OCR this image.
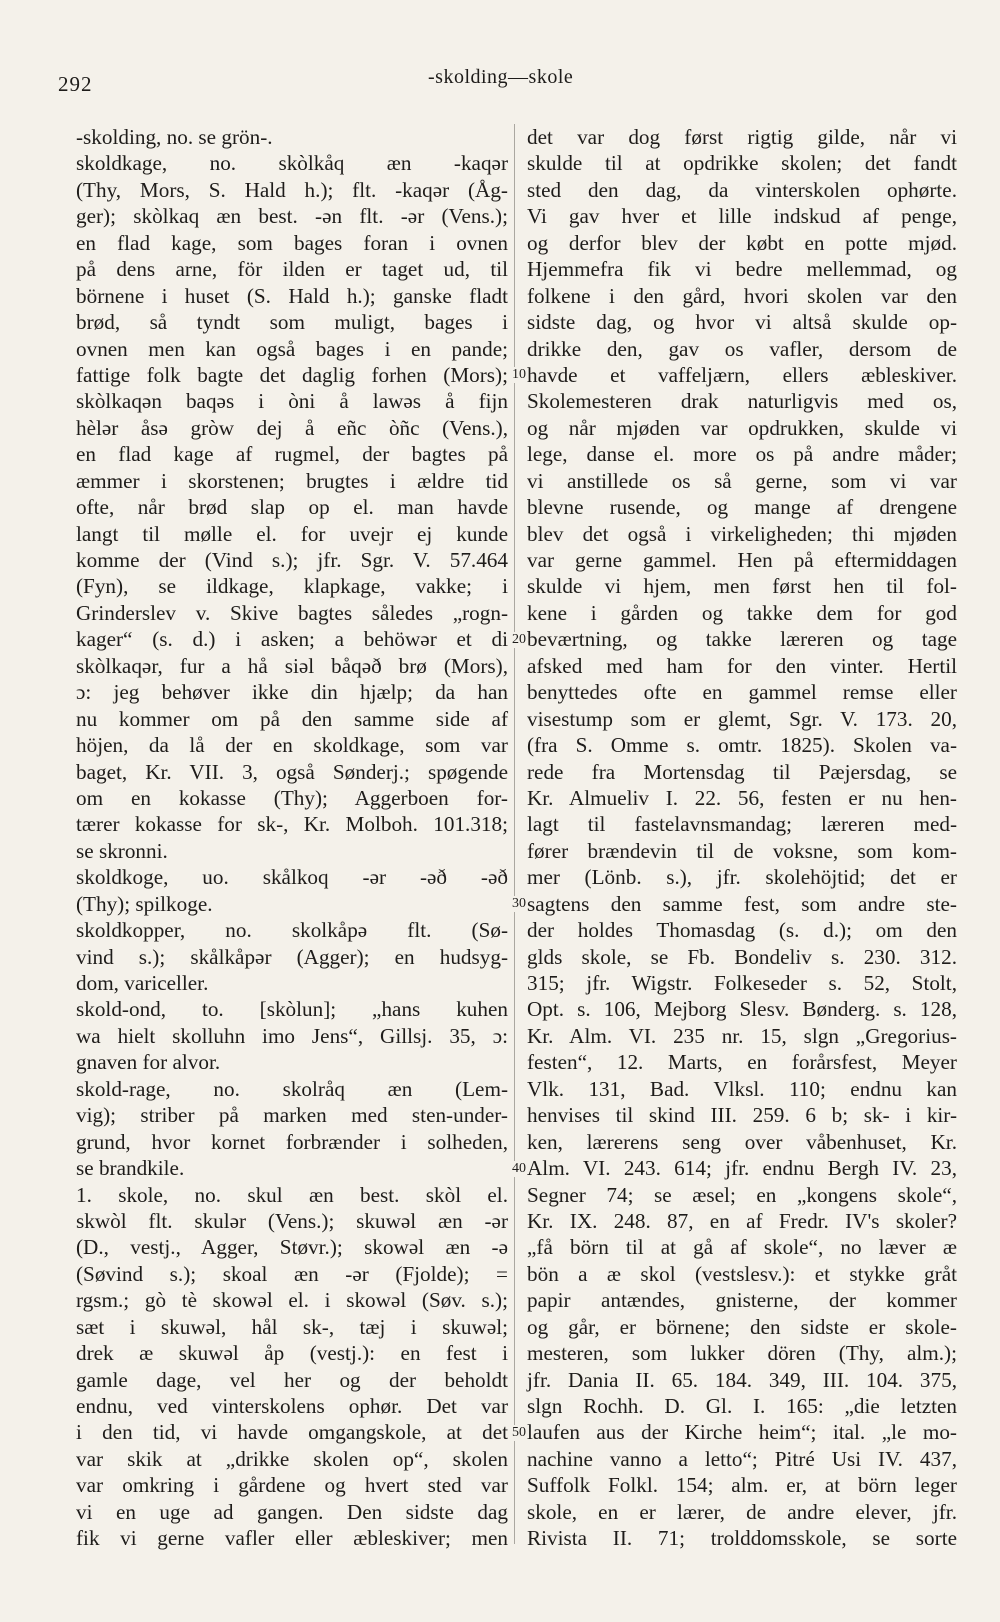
292	-skolding—skole
-skolding, no. se grön-.
skoldkage, no. skòlkåq æn -kaqər
(Thy, Mors, S. Hald h.); flt. -kaqər (Åg-
ger); skòlkaq æn best. -ən flt. -ər (Vens.);
en flad kage, som bages foran i ovnen
på dens arne, för ilden er taget ud, til
börnene i huset (S. Hald h.); ganske fladt
brød, så tyndt som muligt, bages i
ovnen men kan også bages i en pande;
fattige folk bagte det daglig forhen (Mors);
skòlkaqən baqəs i òni å lawəs å fijn
hèlər åsə gròw dej å eñc òñc (Vens.),
en flad kage af rugmel, der bagtes på
æmmer i skorstenen; brugtes i ældre tid
ofte, når brød slap op el. man havde
langt til mølle el. for uvejr ej kunde
komme der (Vind s.); jfr. Sgr. V. 57.464
(Fyn), se ildkage, klapkage, vakke; i
Grinderslev v. Skive bagtes således „rogn-
kager“ (s. d.) i asken; a behöwər et di
skòlkaqər, fur a hå siəl båqəð brø (Mors),
ɔ: jeg behøver ikke din hjælp; da han
nu kommer om på den samme side af
höjen, da lå der en skoldkage, som var
baget, Kr. VII. 3, også Sønderj.; spøgende
om en kokasse (Thy); Aggerboen for-
tærer kokasse for sk-, Kr. Molboh. 101.318;
se skronni.
skoldkoge, uo. skålkoq -ər -əð -əð
(Thy); spilkoge.
skoldkopper, no. skolkåpə flt. (Sø-
vind s.); skålkåpər (Agger); en hudsyg-
dom, variceller.
skold-ond, to. [skòlun]; „hans kuhen
wa hielt skolluhn imo Jens“, Gillsj. 35, ɔ:
gnaven for alvor.
skold-rage, no. skolråq æn (Lem-
vig); striber på marken med sten-under-
grund, hvor kornet forbrænder i solheden,
se brandkile.
1. skole, no. skul æn best. skòl el.
skwòl flt. skulər (Vens.); skuwəl æn -ər
(D., vestj., Agger, Støvr.); skowəl æn -ə
(Søvind s.); skoal æn -ər (Fjolde); =
rgsm.; gò tè skowəl el. i skowəl (Søv. s.);
sæt i skuwəl, hål sk-, tæj i skuwəl;
drek æ skuwəl åp (vestj.): en fest i
gamle dage, vel her og der beholdt
endnu, ved vinterskolens ophør. Det var
i den tid, vi havde omgangskole, at det
var skik at „drikke skolen op“, skolen
var omkring i gårdene og hvert sted var
vi en uge ad gangen. Den sidste dag
fik vi gerne vafler eller æbleskiver; men
det var dog først rigtig gilde, når vi
skulde til at opdrikke skolen; det fandt
sted den dag, da vinterskolen ophørte.
Vi gav hver et lille indskud af penge,
og derfor blev der købt en potte mjød.
Hjemmefra fik vi bedre mellemmad, og
folkene i den gård, hvori skolen var den
sidste dag, og hvor vi altså skulde op-
drikke den, gav os vafler, dersom de
havde et vaffeljærn, ellers æbleskiver.
Skolemesteren drak naturligvis med os,
og når mjøden var opdrukken, skulde vi
lege, danse el. more os på andre måder;
vi anstillede os så gerne, som vi var
blevne rusende, og mange af drengene
blev det også i virkeligheden; thi mjøden
var gerne gammel. Hen på eftermiddagen
skulde vi hjem, men først hen til fol-
kene i gården og takke dem for god
beværtning, og takke læreren og tage
afsked med ham for den vinter. Hertil
benyttedes ofte en gammel remse eller
visestump som er glemt, Sgr. V. 173. 20,
(fra S. Omme s. omtr. 1825). Skolen va-
rede fra Mortensdag til Pæjersdag, se
Kr. Almueliv I. 22. 56, festen er nu hen-
lagt til fastelavnsmandag; læreren med-
fører brændevin til de voksne, som kom-
mer (Lönb. s.), jfr. skolehöjtid; det er
sagtens den samme fest, som andre ste-
der holdes Thomasdag (s. d.); om den
glds skole, se Fb. Bondeliv s. 230. 312.
315; jfr. Wigstr. Folkeseder s. 52, Stolt,
Opt. s. 106, Mejborg Slesv. Bønderg. s. 128,
Kr. Alm. VI. 235 nr. 15, slgn „Gregorius-
festen“, 12. Marts, en forårsfest, Meyer
Vlk. 131, Bad. Vlksl. 110; endnu kan
henvises til skind III. 259. 6 b; sk- i kir-
ken, lærerens seng over våbenhuset, Kr.
Alm. VI. 243. 614; jfr. endnu Bergh IV. 23,
Segner 74; se æsel; en „kongens skole“,
Kr. IX. 248. 87, en af Fredr. IV's skoler?
„få börn til at gå af skole“, no læver æ
bön a æ skol (vestslesv.): et stykke gråt
papir antændes, gnisterne, der kommer
og går, er börnene; den sidste er skole-
mesteren, som lukker dören (Thy, alm.);
jfr. Dania II. 65. 184. 349, III. 104. 375,
slgn Rochh. D. Gl. I. 165: „die letzten
laufen aus der Kirche heim“; ital. „le mo-
nachine vanno a letto“; Pitré Usi IV. 437,
Suffolk Folkl. 154; alm. er, at börn leger
skole, en er lærer, de andre elever, jfr.
Rivista II. 71; trolddomsskole, se sorte
10
20
30
40
50
